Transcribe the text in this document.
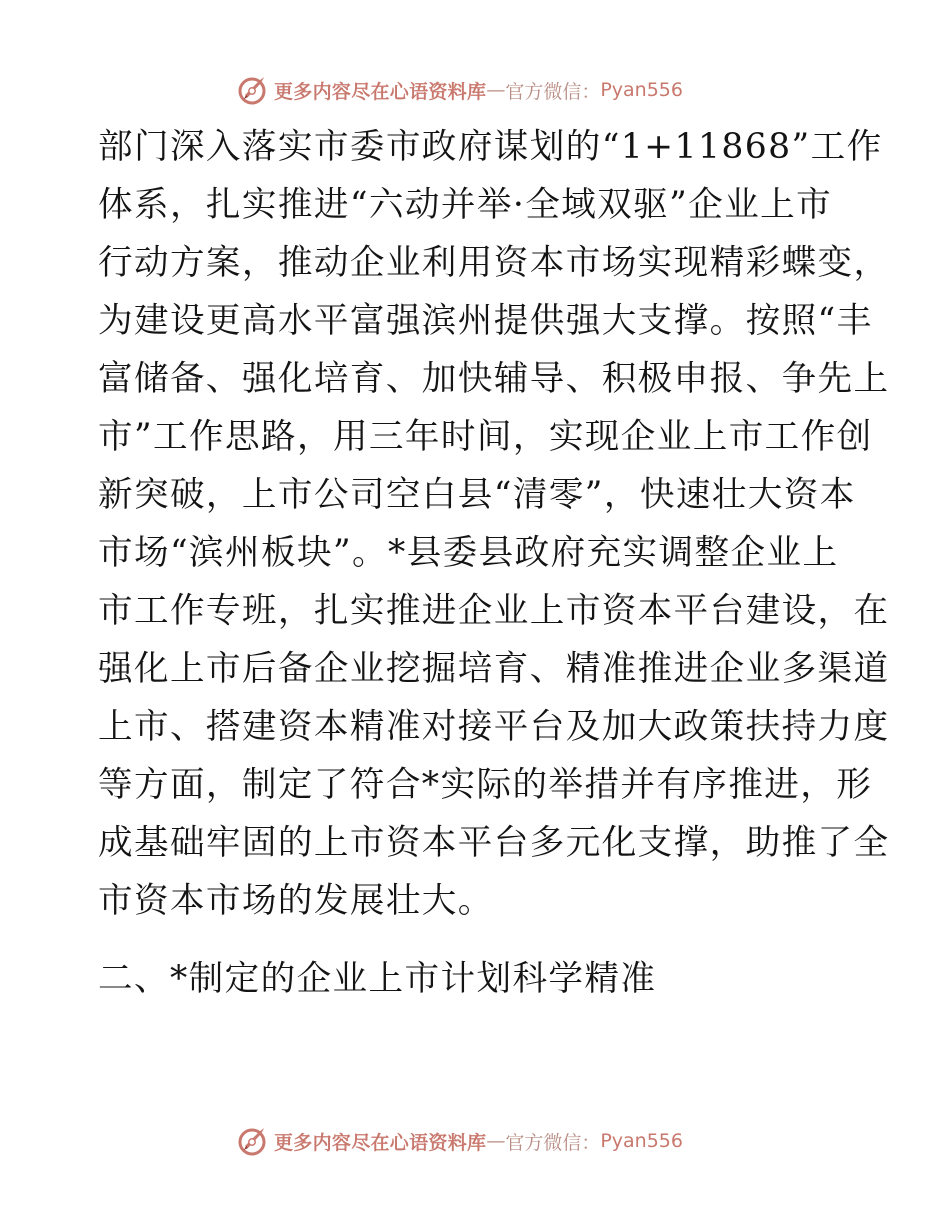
更多内容尽在心语资料库 — 官方微信： Pyan556
部门深入落实市委市政府谋划的“1+11868”工作
体系，扎实推进“六动并举·全域双驱”企业上市
行动方案，推动企业利用资本市场实现精彩蝶变，
为建设更高水平富强滨州提供强大支撑。按照“丰
富储备、强化培育、加快辅导、积极申报、争先上
市”工作思路，用三年时间，实现企业上市工作创
新突破，上市公司空白县“清零”，快速壮大资本
市场“滨州板块”。*县委县政府充实调整企业上
市工作专班，扎实推进企业上市资本平台建设，在
强化上市后备企业挖掘培育、精准推进企业多渠道
上市、搭建资本精准对接平台及加大政策扶持力度
等方面，制定了符合*实际的举措并有序推进，形
成基础牢固的上市资本平台多元化支撑，助推了全
市资本市场的发展壮大。
二、*制定的企业上市计划科学精准
更多内容尽在心语资料库 — 官方微信： Pyan556
